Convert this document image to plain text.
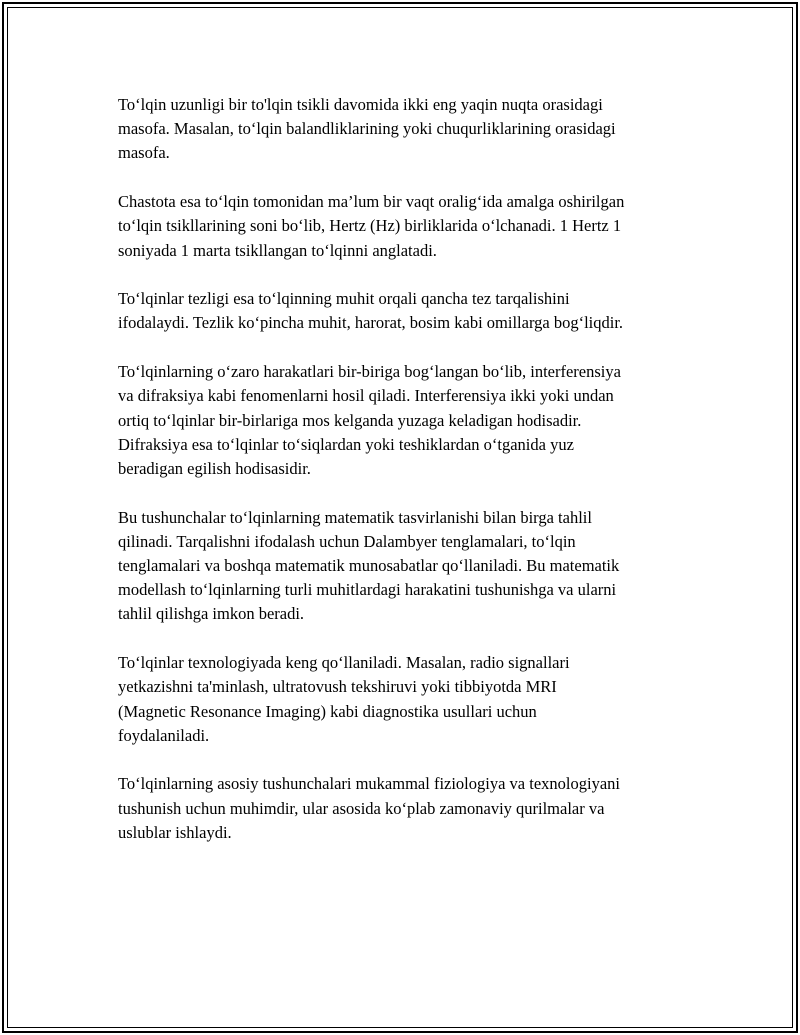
To‘lqin uzunligi bir to'lqin tsikli davomida ikki eng yaqin nuqta orasidagi
masofa. Masalan, to‘lqin balandliklarining yoki chuqurliklarining orasidagi
masofa.

Chastota esa to‘lqin tomonidan ma’lum bir vaqt oralig‘ida amalga oshirilgan
to‘lqin tsikllarining soni bo‘lib, Hertz (Hz) birliklarida o‘lchanadi. 1 Hertz 1
soniyada 1 marta tsikllangan to‘lqinni anglatadi.

To‘lqinlar tezligi esa to‘lqinning muhit orqali qancha tez tarqalishini
ifodalaydi. Tezlik ko‘pincha muhit, harorat, bosim kabi omillarga bog‘liqdir.

To‘lqinlarning o‘zaro harakatlari bir-biriga bog‘langan bo‘lib, interferensiya
va difraksiya kabi fenomenlarni hosil qiladi. Interferensiya ikki yoki undan
ortiq to‘lqinlar bir-birlariga mos kelganda yuzaga keladigan hodisadir.
Difraksiya esa to‘lqinlar to‘siqlardan yoki teshiklardan o‘tganida yuz
beradigan egilish hodisasidir.

Bu tushunchalar to‘lqinlarning matematik tasvirlanishi bilan birga tahlil
qilinadi. Tarqalishni ifodalash uchun Dalambyer tenglamalari, to‘lqin
tenglamalari va boshqa matematik munosabatlar qo‘llaniladi. Bu matematik
modellash to‘lqinlarning turli muhitlardagi harakatini tushunishga va ularni
tahlil qilishga imkon beradi.

To‘lqinlar texnologiyada keng qo‘llaniladi. Masalan, radio signallari
yetkazishni ta'minlash, ultratovush tekshiruvi yoki tibbiyotda MRI
(Magnetic Resonance Imaging) kabi diagnostika usullari uchun
foydalaniladi.

To‘lqinlarning asosiy tushunchalari mukammal fiziologiya va texnologiyani
tushunish uchun muhimdir, ular asosida ko‘plab zamonaviy qurilmalar va
uslublar ishlaydi.
